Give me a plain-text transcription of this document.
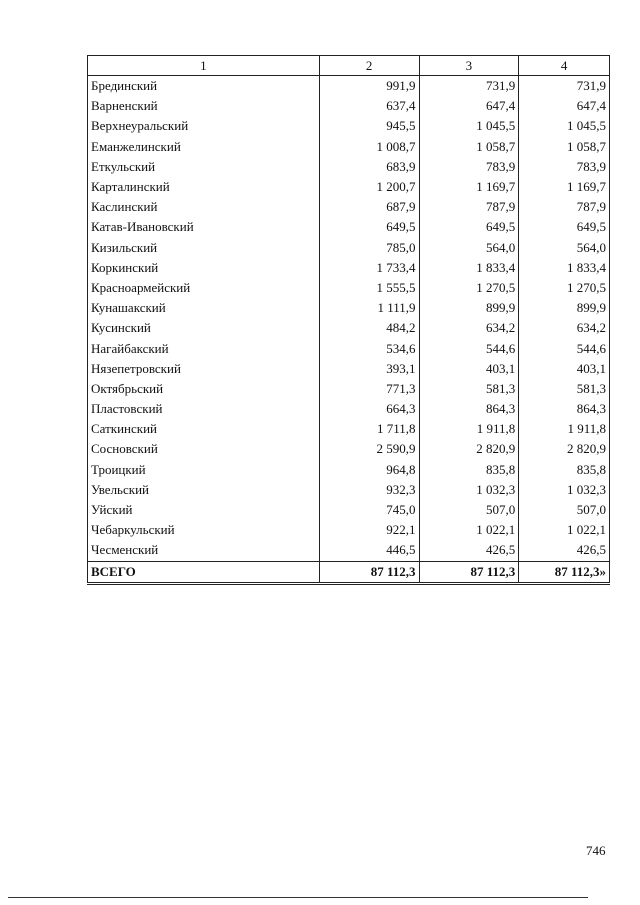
1	2	3	4
Брединский	991,9	731,9	731,9
Варненский	637,4	647,4	647,4
Верхнеуральский	945,5	1 045,5	1 045,5
Еманжелинский	1 008,7	1 058,7	1 058,7
Еткульский	683,9	783,9	783,9
Карталинский	1 200,7	1 169,7	1 169,7
Каслинский	687,9	787,9	787,9
Катав-Ивановский	649,5	649,5	649,5
Кизильский	785,0	564,0	564,0
Коркинский	1 733,4	1 833,4	1 833,4
Красноармейский	1 555,5	1 270,5	1 270,5
Кунашакский	1 111,9	899,9	899,9
Кусинский	484,2	634,2	634,2
Нагайбакский	534,6	544,6	544,6
Нязепетровский	393,1	403,1	403,1
Октябрьский	771,3	581,3	581,3
Пластовский	664,3	864,3	864,3
Саткинский	1 711,8	1 911,8	1 911,8
Сосновский	2 590,9	2 820,9	2 820,9
Троицкий	964,8	835,8	835,8
Увельский	932,3	1 032,3	1 032,3
Уйский	745,0	507,0	507,0
Чебаркульский	922,1	1 022,1	1 022,1
Чесменский	446,5	426,5	426,5
ВСЕГО	87 112,3	87 112,3	87 112,3»
746
